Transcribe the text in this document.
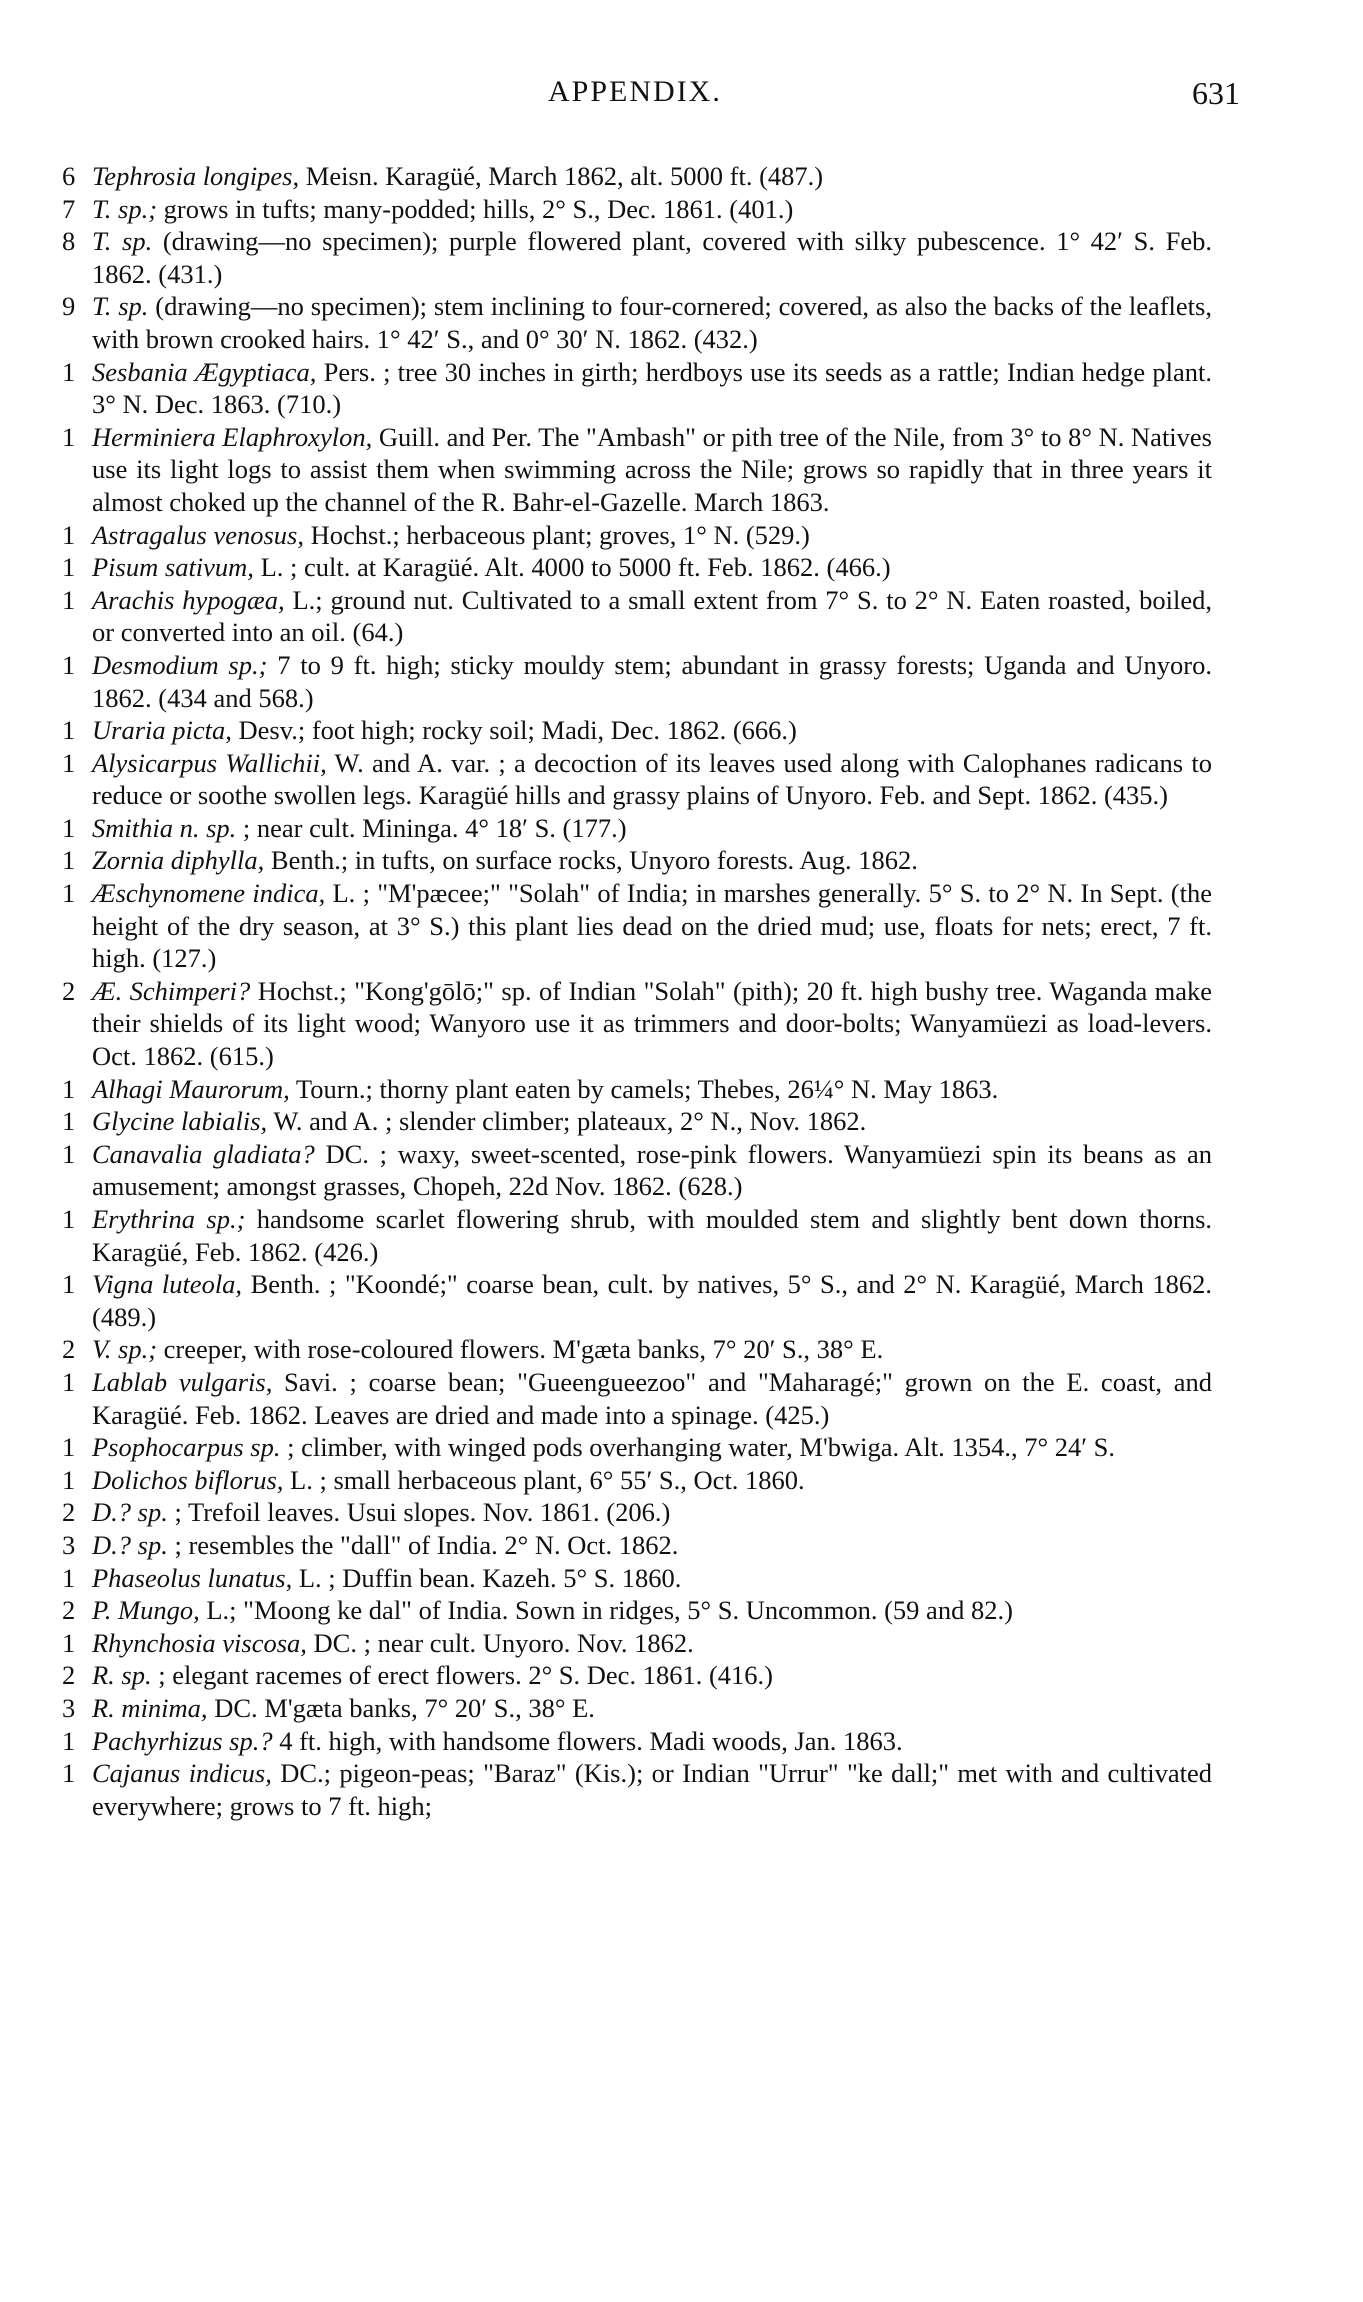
APPENDIX.	631
6 Tephrosia longipes, Meisn. Karagüé, March 1862, alt. 5000 ft. (487.)
7 T. sp.; grows in tufts; many-podded; hills, 2° S., Dec. 1861. (401.)
8 T. sp. (drawing—no specimen); purple flowered plant, covered with silky pubescence. 1° 42′ S. Feb. 1862. (431.)
9 T. sp. (drawing—no specimen); stem inclining to four-cornered; covered, as also the backs of the leaflets, with brown crooked hairs. 1° 42′ S., and 0° 30′ N. 1862. (432.)
1 Sesbania Ægyptiaca, Pers. ; tree 30 inches in girth; herdboys use its seeds as a rattle; Indian hedge plant. 3° N. Dec. 1863. (710.)
1 Herminiera Elaphroxylon, Guill. and Per. The "Ambash" or pith tree of the Nile, from 3° to 8° N. Natives use its light logs to assist them when swimming across the Nile; grows so rapidly that in three years it almost choked up the channel of the R. Bahr-el-Gazelle. March 1863.
1 Astragalus venosus, Hochst.; herbaceous plant; groves, 1° N. (529.)
1 Pisum sativum, L. ; cult. at Karagüé. Alt. 4000 to 5000 ft. Feb. 1862. (466.)
1 Arachis hypogæa, L.; ground nut. Cultivated to a small extent from 7° S. to 2° N. Eaten roasted, boiled, or converted into an oil. (64.)
1 Desmodium sp.; 7 to 9 ft. high; sticky mouldy stem; abundant in grassy forests; Uganda and Unyoro. 1862. (434 and 568.)
1 Uraria picta, Desv.; foot high; rocky soil; Madi, Dec. 1862. (666.)
1 Alysicarpus Wallichii, W. and A. var. ; a decoction of its leaves used along with Calophanes radicans to reduce or soothe swollen legs. Karagüé hills and grassy plains of Unyoro. Feb. and Sept. 1862. (435.)
1 Smithia n. sp. ; near cult. Mininga. 4° 18′ S. (177.)
1 Zornia diphylla, Benth.; in tufts, on surface rocks, Unyoro forests. Aug. 1862.
1 Æschynomene indica, L. ; "M'pæcee;" "Solah" of India; in marshes generally. 5° S. to 2° N. In Sept. (the height of the dry season, at 3° S.) this plant lies dead on the dried mud; use, floats for nets; erect, 7 ft. high. (127.)
2 Æ. Schimperi? Hochst.; "Kong'gōlō;" sp. of Indian "Solah" (pith); 20 ft. high bushy tree. Waganda make their shields of its light wood; Wanyoro use it as trimmers and door-bolts; Wanyamüezi as load-levers. Oct. 1862. (615.)
1 Alhagi Maurorum, Tourn.; thorny plant eaten by camels; Thebes, 26¼° N. May 1863.
1 Glycine labialis, W. and A. ; slender climber; plateaux, 2° N., Nov. 1862.
1 Canavalia gladiata? DC. ; waxy, sweet-scented, rose-pink flowers. Wanyamüezi spin its beans as an amusement; amongst grasses, Chopeh, 22d Nov. 1862. (628.)
1 Erythrina sp.; handsome scarlet flowering shrub, with moulded stem and slightly bent down thorns. Karagüé, Feb. 1862. (426.)
1 Vigna luteola, Benth. ; "Koondé;" coarse bean, cult. by natives, 5° S., and 2° N. Karagüé, March 1862. (489.)
2 V. sp.; creeper, with rose-coloured flowers. M'gæta banks, 7° 20′ S., 38° E.
1 Lablab vulgaris, Savi. ; coarse bean; "Gueengueezoo" and "Maharagé;" grown on the E. coast, and Karagüé. Feb. 1862. Leaves are dried and made into a spinage. (425.)
1 Psophocarpus sp. ; climber, with winged pods overhanging water, M'bwiga. Alt. 1354., 7° 24′ S.
1 Dolichos biflorus, L. ; small herbaceous plant, 6° 55′ S., Oct. 1860.
2 D.? sp. ; Trefoil leaves. Usui slopes. Nov. 1861. (206.)
3 D.? sp. ; resembles the "dall" of India. 2° N. Oct. 1862.
1 Phaseolus lunatus, L. ; Duffin bean. Kazeh. 5° S. 1860.
2 P. Mungo, L.; "Moong ke dal" of India. Sown in ridges, 5° S. Uncommon. (59 and 82.)
1 Rhynchosia viscosa, DC. ; near cult. Unyoro. Nov. 1862.
2 R. sp. ; elegant racemes of erect flowers. 2° S. Dec. 1861. (416.)
3 R. minima, DC. M'gæta banks, 7° 20′ S., 38° E.
1 Pachyrhizus sp.? 4 ft. high, with handsome flowers. Madi woods, Jan. 1863.
1 Cajanus indicus, DC.; pigeon-peas; "Baraz" (Kis.); or Indian "Urrur" "ke dall;" met with and cultivated everywhere; grows to 7 ft. high;
